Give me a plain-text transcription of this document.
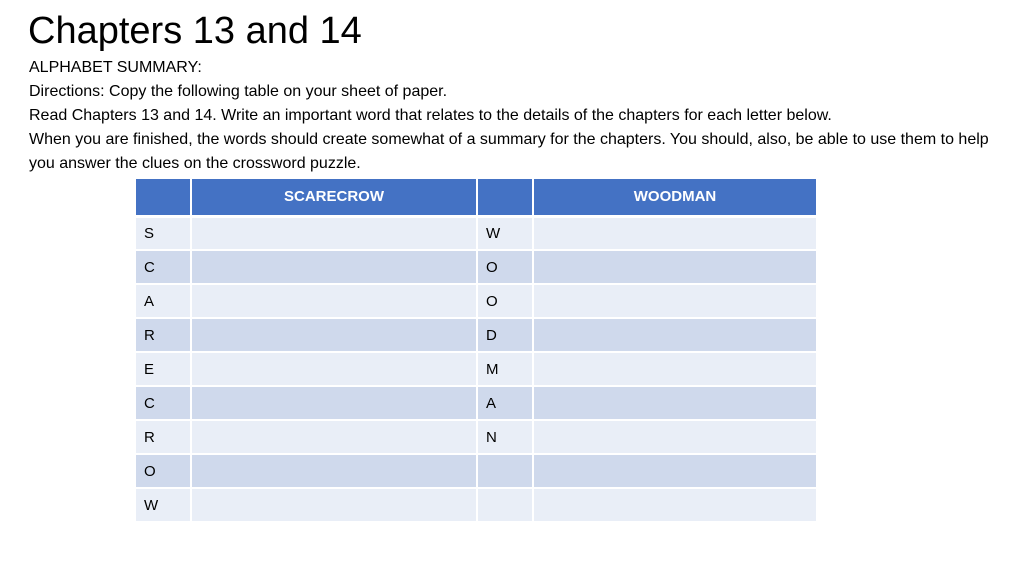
Chapters 13 and 14

ALPHABET SUMMARY:

Directions: Copy the following table on your sheet of paper.

Read Chapters 13 and 14. Write an important word that relates to the details of the chapters for each letter below.

When you are finished, the words should create somewhat of a summary for the chapters. You should, also, be able to use them to help you answer the clues on the crossword puzzle.

	SCARECROW		WOODMAN
S		W	
C		O	
A		O	
R		D	
E		M	
C		A	
R		N	
O			
W			
